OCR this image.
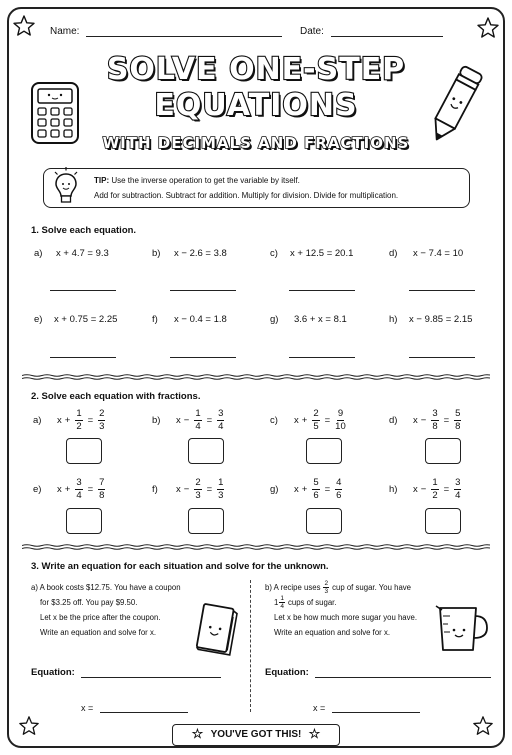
Name:	Date:
SOLVE ONE-STEP
EQUATIONS
WITH DECIMALS AND FRACTIONS
TIP: Use the inverse operation to get the variable by itself.
Add for subtraction. Subtract for addition. Multiply for division. Divide for multiplication.
1. Solve each equation.
a) x + 4.7 = 9.3	b) x − 2.6 = 3.8	c) x + 12.5 = 20.1	d) x − 7.4 = 10
e) x + 0.75 = 2.25	f) x − 0.4 = 1.8	g) 3.6 + x = 8.1	h) x − 9.85 = 2.15
2. Solve each equation with fractions.
a)	$x + \frac{1}{2} = \frac{2}{3}$	b)	$x - \frac{1}{4} = \frac{3}{4}$	c)	$x + \frac{2}{5} = \frac{9}{10}$	d)	$x - \frac{3}{8} = \frac{5}{8}$
e)	$x + \frac{3}{4} = \frac{7}{8}$	f)	$x - \frac{2}{3} = \frac{1}{3}$	g)	$x + \frac{5}{6} = \frac{4}{6}$	h)	$x - \frac{1}{2} = \frac{3}{4}$
3. Write an equation for each situation and solve for the unknown.
a) A book costs $12.75. You have a coupon
for $3.25 off. You pay $9.50.
Let x be the price after the coupon.
Write an equation and solve for x.
b) A recipe uses $\frac{2}{3}$ cup of sugar. You have
$1 \frac{1}{4}$ cups of sugar.
Let x be how much more sugar you have.
Write an equation and solve for x.
Equation:	Equation:
x =	x =
☆ YOU'VE GOT THIS! ☆
